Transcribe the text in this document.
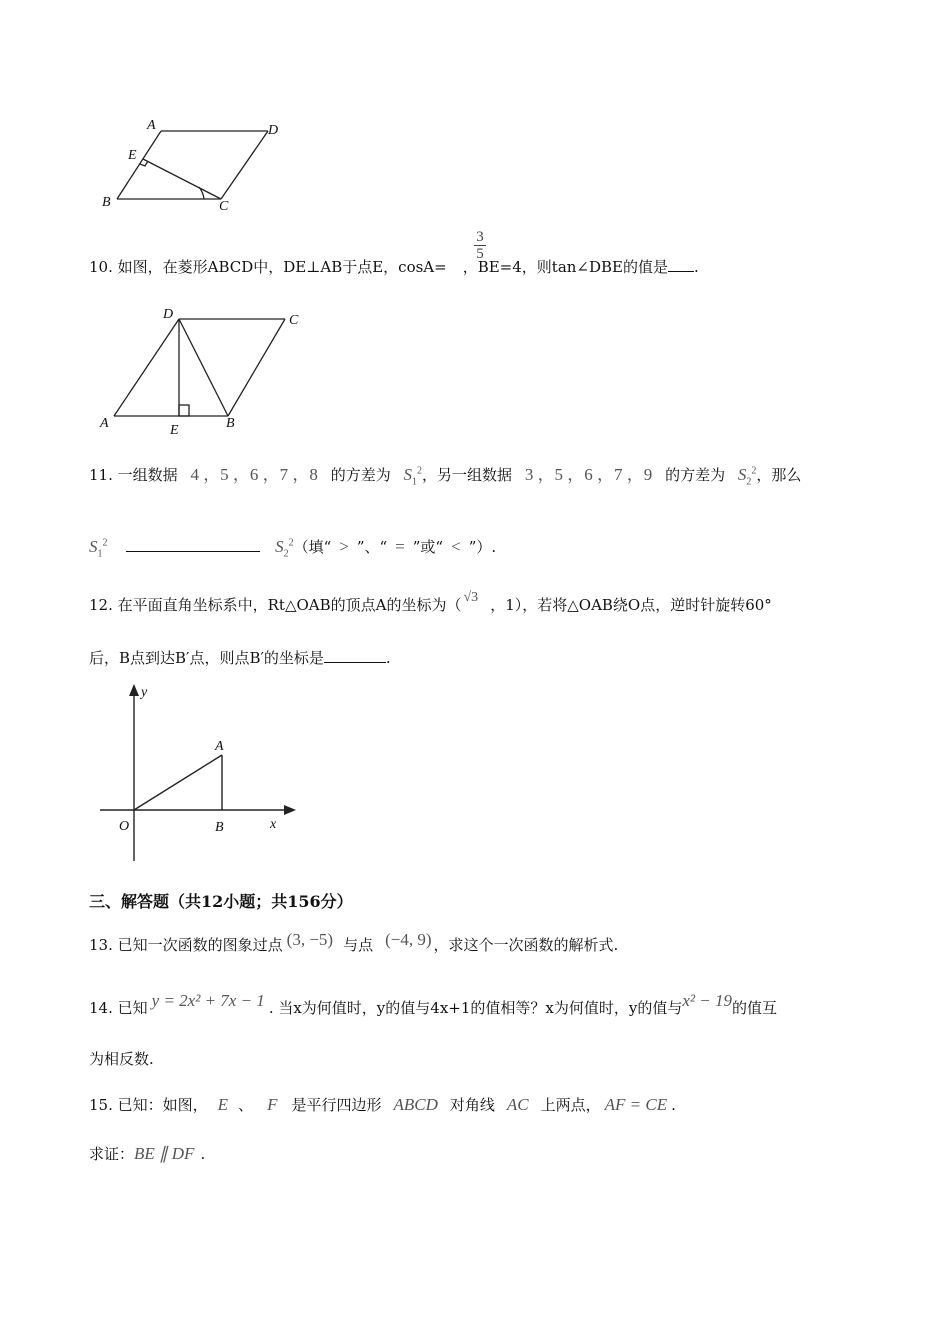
A	D
E
B	C
3
5
10. 如图，在菱形ABCD中，DE⊥AB于点E，cosA= ，BE=4，则tan∠DBE的值是 .
D	C
A	E	B
11. 一组数据 4 ，5 ，6 ，7 ，8 的方差为 $S_1^2$，另一组数据 3 ，5 ，6 ，7 ，9 的方差为 $S_2^2$，那么
$S_1^2$	$S_2^2$（填“ > ”、“ = ”或“ < ”）.
12. 在平面直角坐标系中，Rt△OAB的顶点A的坐标为（ √3 ，1），若将△OAB绕O点，逆时针旋转60°
后，B点到达B′点，则点B′的坐标是	.
y
A
O	B	x
三、解答题（共12小题；共156分）
13. 已知一次函数的图象过点 (3, −5) 与点 (−4, 9) ，求这个一次函数的解析式.
14. 已知 y = 2x² + 7x − 1 . 当x为何值时，y的值与4x+1的值相等？x为何值时，y的值与x² − 19的值互
为相反数.
15. 已知：如图， E 、 F 是平行四边形 ABCD 对角线 AC 上两点， AF = CE .
求证：BE ∥ DF .
